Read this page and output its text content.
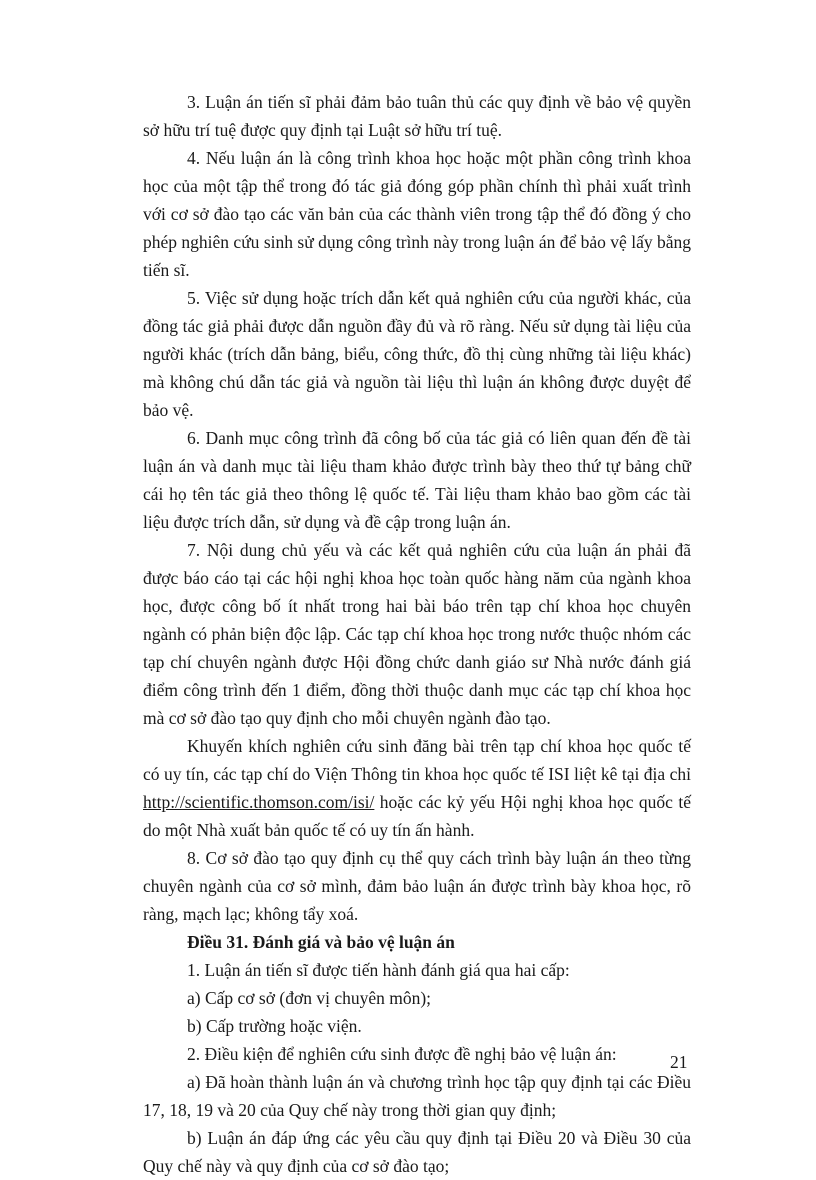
3. Luận án tiến sĩ phải đảm bảo tuân thủ các quy định về bảo vệ quyền sở hữu trí tuệ được quy định tại Luật sở hữu trí tuệ.

4. Nếu luận án là công trình khoa học hoặc một phần công trình khoa học của một tập thể trong đó tác giả đóng góp phần chính thì phải xuất trình với cơ sở đào tạo các văn bản của các thành viên trong tập thể đó đồng ý cho phép nghiên cứu sinh sử dụng công trình này trong luận án để bảo vệ lấy bằng tiến sĩ.

5. Việc sử dụng hoặc trích dẫn kết quả nghiên cứu của người khác, của đồng tác giả phải được dẫn nguồn đầy đủ và rõ ràng. Nếu sử dụng tài liệu của người khác (trích dẫn bảng, biểu, công thức, đồ thị cùng những tài liệu khác) mà không chú dẫn tác giả và nguồn tài liệu thì luận án không được duyệt để bảo vệ.

6. Danh mục công trình đã công bố của tác giả có liên quan đến đề tài luận án và danh mục tài liệu tham khảo được trình bày theo thứ tự bảng chữ cái họ tên tác giả theo thông lệ quốc tế. Tài liệu tham khảo bao gồm các tài liệu được trích dẫn, sử dụng và đề cập trong luận án.

7. Nội dung chủ yếu và các kết quả nghiên cứu của luận án phải đã được báo cáo tại các hội nghị khoa học toàn quốc hàng năm của ngành khoa học, được công bố ít nhất trong hai bài báo trên tạp chí khoa học chuyên ngành có phản biện độc lập. Các tạp chí khoa học trong nước thuộc nhóm các tạp chí chuyên ngành được Hội đồng chức danh giáo sư Nhà nước đánh giá điểm công trình đến 1 điểm, đồng thời thuộc danh mục các tạp chí khoa học mà cơ sở đào tạo quy định cho mỗi chuyên ngành đào tạo.

Khuyến khích nghiên cứu sinh đăng bài trên tạp chí khoa học quốc tế có uy tín, các tạp chí do Viện Thông tin khoa học quốc tế ISI liệt kê tại địa chỉ http://scientific.thomson.com/isi/ hoặc các kỷ yếu Hội nghị khoa học quốc tế do một Nhà xuất bản quốc tế có uy tín ấn hành.

8. Cơ sở đào tạo quy định cụ thể quy cách trình bày luận án theo từng chuyên ngành của cơ sở mình, đảm bảo luận án được trình bày khoa học, rõ ràng, mạch lạc; không tẩy xoá.

Điều 31. Đánh giá và bảo vệ luận án

1. Luận án tiến sĩ được tiến hành đánh giá qua hai cấp:

a) Cấp cơ sở (đơn vị chuyên môn);

b) Cấp trường hoặc viện.

2. Điều kiện để nghiên cứu sinh được đề nghị bảo vệ luận án:

a) Đã hoàn thành luận án và chương trình học tập quy định tại các Điều 17, 18, 19 và 20 của Quy chế này trong thời gian quy định;

b) Luận án đáp ứng các yêu cầu quy định tại Điều 20 và Điều 30 của Quy chế này và quy định của cơ sở đào tạo;

21
